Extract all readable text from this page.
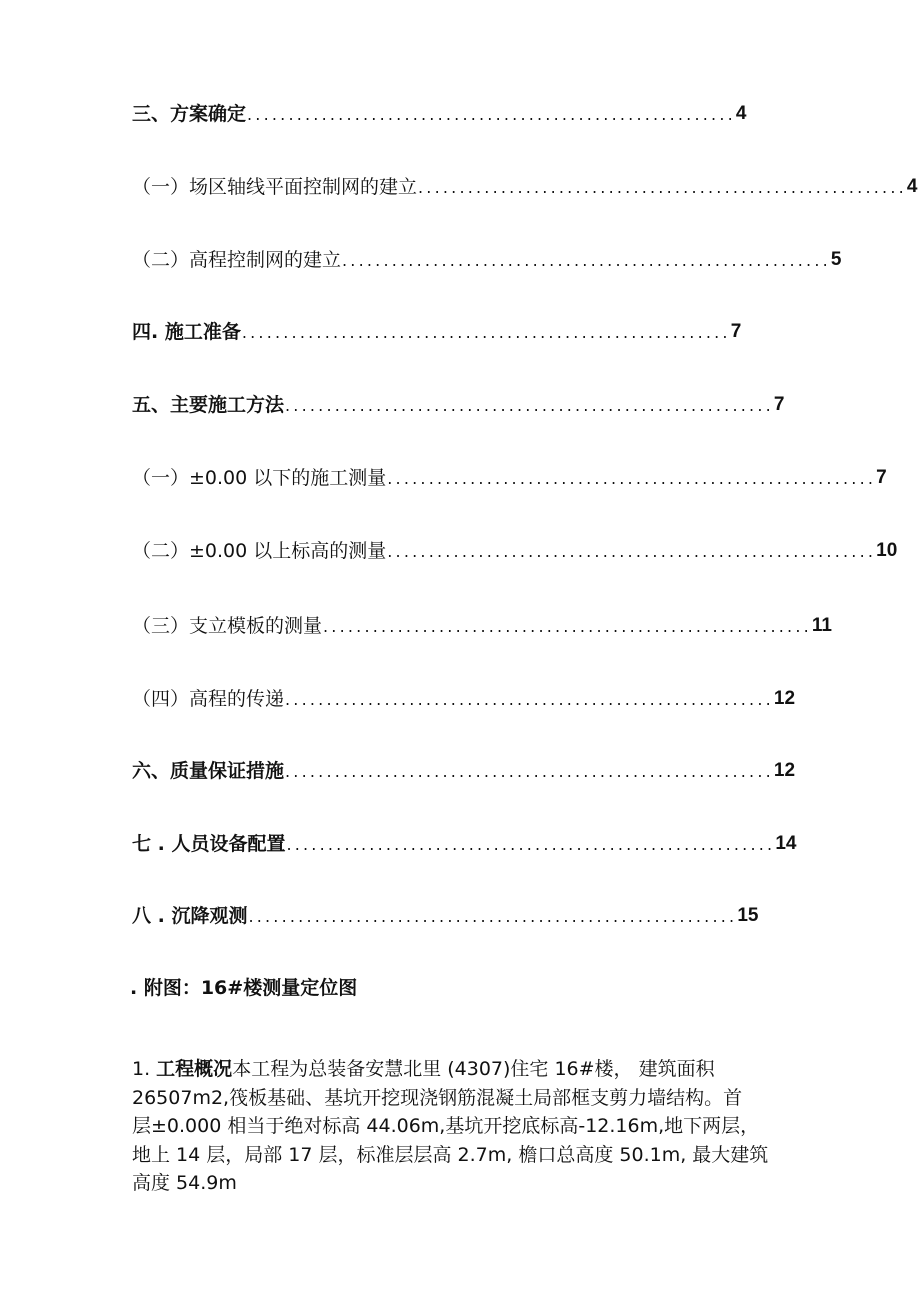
三、方案确定 ........................................................... 4
（一）场区轴线平面控制网的建立 ........................................................... 4
（二）高程控制网的建立 ........................................................... 5
四. 施工准备 ........................................................... 7
五、主要施工方法 ........................................................... 7
（一）±0.00 以下的施工测量 ........................................................... 7
（二）±0.00 以上标高的测量 ........................................................... 10
（三）支立模板的测量 ........................................................... 11
（四）高程的传递 ........................................................... 12
六、质量保证措施 ........................................................... 12
七 . 人员设备配置 ........................................................... 14
八 . 沉降观测 ........................................................... 15
. 附图：16#楼测量定位图
1. 工程概况本工程为总装备安慧北里 (4307)住宅 16#楼， 建筑面积
26507m2,筏板基础、基坑开挖现浇钢筋混凝土局部框支剪力墙结构。首
层±0.000 相当于绝对标高 44.06m,基坑开挖底标高-12.16m,地下两层，
地上 14 层，局部 17 层，标准层层高 2.7m, 檐口总高度 50.1m, 最大建筑
高度 54.9m
